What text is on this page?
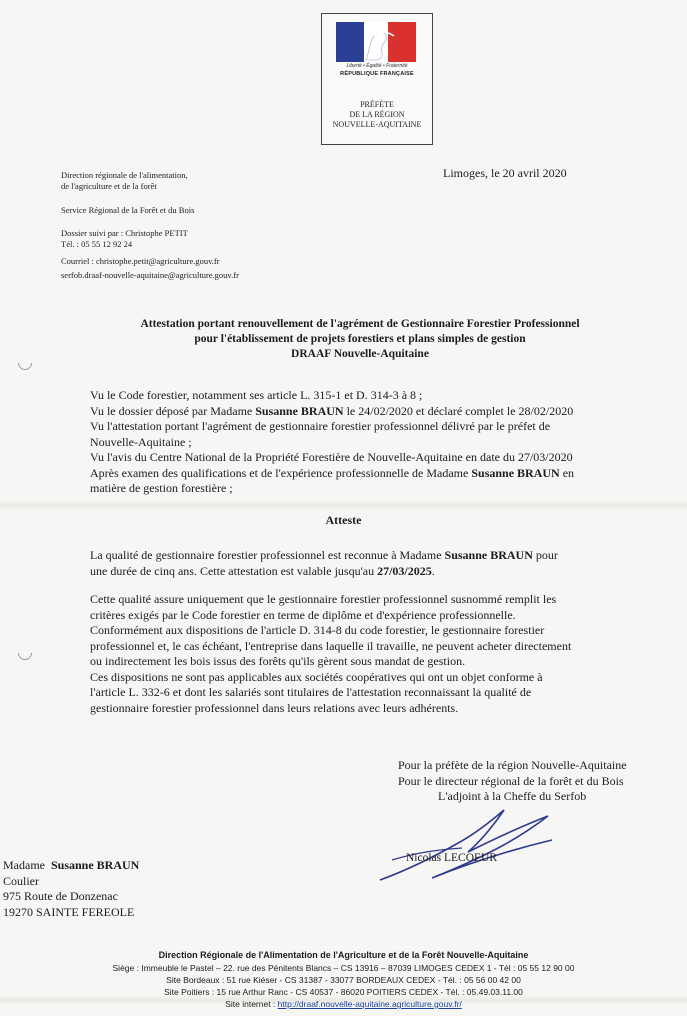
Liberté • Égalité • Fraternité
RÉPUBLIQUE FRANÇAISE
PRÉFÈTE
DE LA RÉGION
NOUVELLE-AQUITAINE
Direction régionale de l'alimentation,
de l'agriculture et de la forêt
Service Régional de la Forêt et du Bois
Dossier suivi par : Christophe PETIT
Tél. : 05 55 12 92 24
Courriel : christophe.petit@agriculture.gouv.fr
serfob.draaf-nouvelle-aquitaine@agriculture.gouv.fr
Limoges, le 20 avril 2020
Attestation portant renouvellement de l'agrément de Gestionnaire Forestier Professionnel
pour l'établissement de projets forestiers et plans simples de gestion
DRAAF Nouvelle-Aquitaine
Vu le Code forestier, notamment ses article L. 315-1 et D. 314-3 à 8 ;
Vu le dossier déposé par Madame Susanne BRAUN le 24/02/2020 et déclaré complet le 28/02/2020
Vu l'attestation portant l'agrément de gestionnaire forestier professionnel délivré par le préfet de
Nouvelle-Aquitaine ;
Vu l'avis du Centre National de la Propriété Forestière de Nouvelle-Aquitaine en date du 27/03/2020
Après examen des qualifications et de l'expérience professionnelle de Madame Susanne BRAUN en
matière de gestion forestière ;
Atteste
La qualité de gestionnaire forestier professionnel est reconnue à Madame Susanne BRAUN pour
une durée de cinq ans. Cette attestation est valable jusqu'au 27/03/2025.
Cette qualité assure uniquement que le gestionnaire forestier professionnel susnommé remplit les
critères exigés par le Code forestier en terme de diplôme et d'expérience professionnelle.
Conformément aux dispositions de l'article D. 314-8 du code forestier, le gestionnaire forestier
professionnel et, le cas échéant, l'entreprise dans laquelle il travaille, ne peuvent acheter directement
ou indirectement les bois issus des forêts qu'ils gèrent sous mandat de gestion.
Ces dispositions ne sont pas applicables aux sociétés coopératives qui ont un objet conforme à
l'article L. 332-6 et dont les salariés sont titulaires de l'attestation reconnaissant la qualité de
gestionnaire forestier professionnel dans leurs relations avec leurs adhérents.
Pour la préfète de la région Nouvelle-Aquitaine
Pour le directeur régional de la forêt et du Bois
L'adjoint à la Cheffe du Serfob
Nicolas LECOEUR
Madame Susanne BRAUN
Coulier
975 Route de Donzenac
19270 SAINTE FEREOLE
Direction Régionale de l'Alimentation de l'Agriculture et de la Forêt Nouvelle-Aquitaine
Siège : Immeuble le Pastel – 22. rue des Pénitents Blancs – CS 13916 – 87039 LIMOGES CEDEX 1 - Tél : 05 55 12 90 00
Site Bordeaux : 51 rue Kiéser - CS 31387 - 33077 BORDEAUX CEDEX - Tél. : 05 56 00 42 00
Site Poitiers : 15 rue Arthur Ranc - CS 40537 - 86020 POITIERS CEDEX - Tél. : 05.49.03.11.00
Site internet : http://draaf.nouvelle-aquitaine.agriculture.gouv.fr/
